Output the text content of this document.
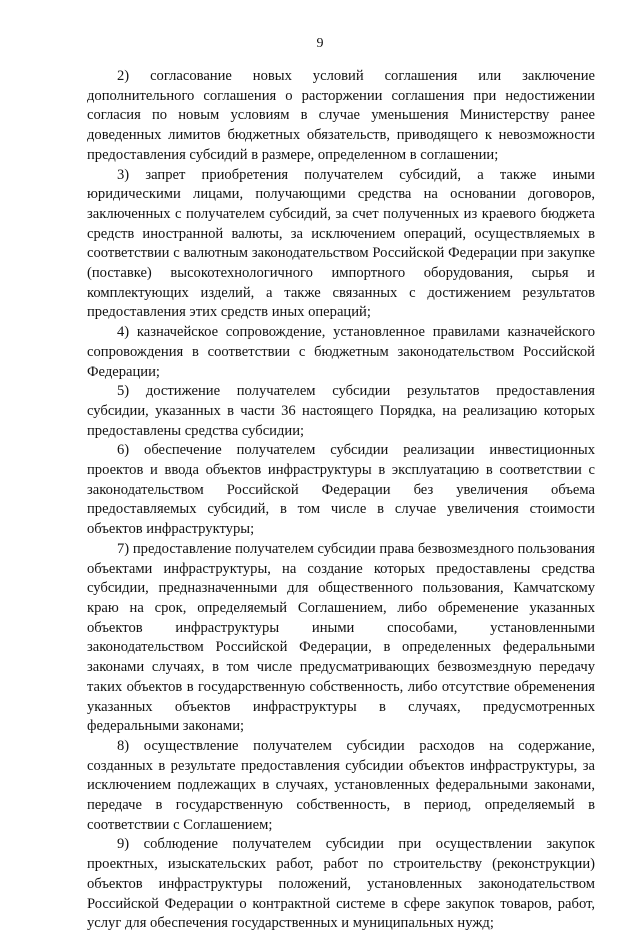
9

2) согласование новых условий соглашения или заключение дополнительного соглашения о расторжении соглашения при недостижении согласия по новым условиям в случае уменьшения Министерству ранее доведенных лимитов бюджетных обязательств, приводящего к невозможности предоставления субсидий в размере, определенном в соглашении;

3) запрет приобретения получателем субсидий, а также иными юридическими лицами, получающими средства на основании договоров, заключенных с получателем субсидий, за счет полученных из краевого бюджета средств иностранной валюты, за исключением операций, осуществляемых в соответствии с валютным законодательством Российской Федерации при закупке (поставке) высокотехнологичного импортного оборудования, сырья и комплектующих изделий, а также связанных с достижением результатов предоставления этих средств иных операций;

4) казначейское сопровождение, установленное правилами казначейского сопровождения в соответствии с бюджетным законодательством Российской Федерации;

5) достижение получателем субсидии результатов предоставления субсидии, указанных в части 36 настоящего Порядка, на реализацию которых предоставлены средства субсидии;

6) обеспечение получателем субсидии реализации инвестиционных проектов и ввода объектов инфраструктуры в эксплуатацию в соответствии с законодательством Российской Федерации без увеличения объема предоставляемых субсидий, в том числе в случае увеличения стоимости объектов инфраструктуры;

7) предоставление получателем субсидии права безвозмездного пользования объектами инфраструктуры, на создание которых предоставлены средства субсидии, предназначенными для общественного пользования, Камчатскому краю на срок, определяемый Соглашением, либо обременение указанных объектов инфраструктуры иными способами, установленными законодательством Российской Федерации, в определенных федеральными законами случаях, в том числе предусматривающих безвозмездную передачу таких объектов в государственную собственность, либо отсутствие обременения указанных объектов инфраструктуры в случаях, предусмотренных федеральными законами;

8) осуществление получателем субсидии расходов на содержание, созданных в результате предоставления субсидии объектов инфраструктуры, за исключением подлежащих в случаях, установленных федеральными законами, передаче в государственную собственность, в период, определяемый в соответствии с Соглашением;

9) соблюдение получателем субсидии при осуществлении закупок проектных, изыскательских работ, работ по строительству (реконструкции) объектов инфраструктуры положений, установленных законодательством Российской Федерации о контрактной системе в сфере закупок товаров, работ, услуг для обеспечения государственных и муниципальных нужд;
